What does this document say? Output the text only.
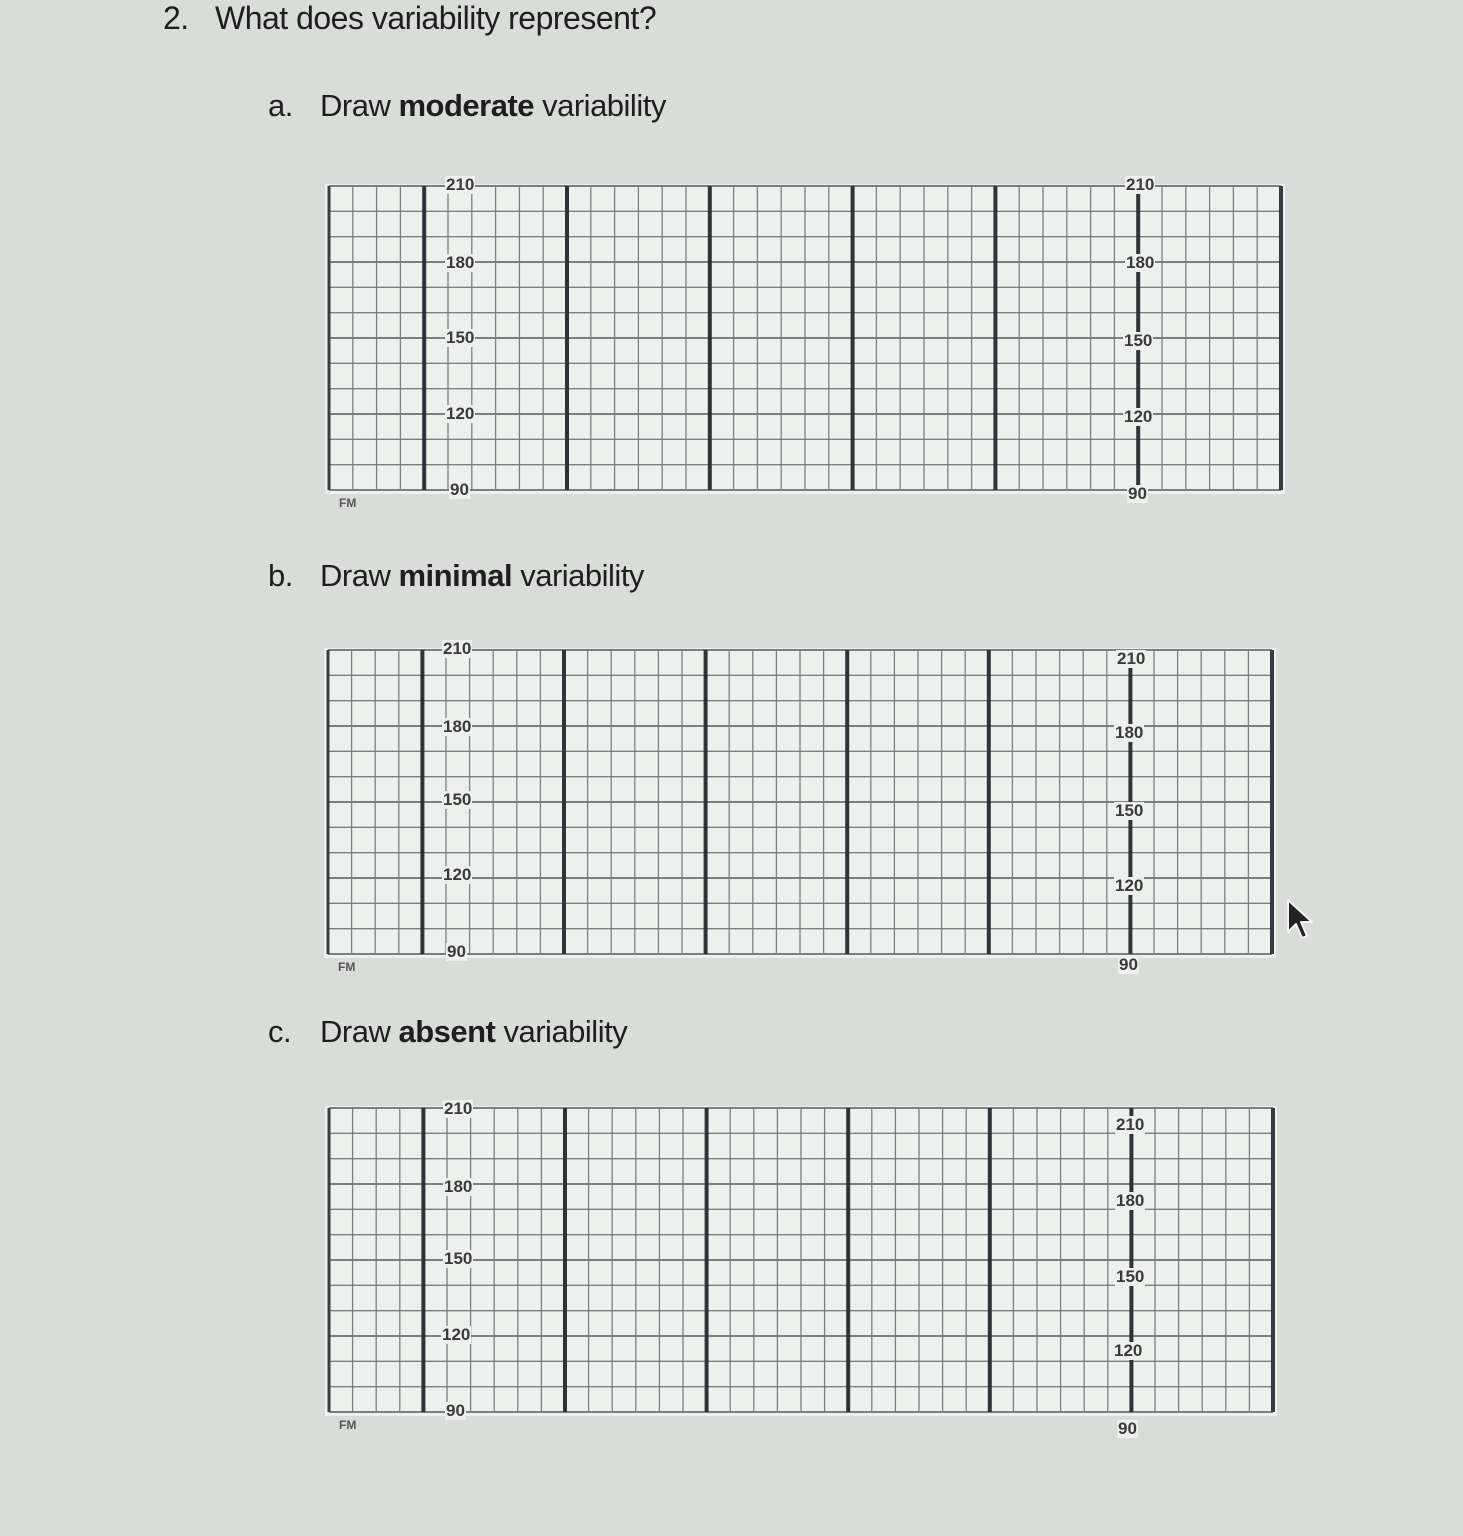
2. What does variability represent?
a. Draw moderate variability
210
180
150
120
90
210
180
150
120
90
FM
b. Draw minimal variability
210
180
150
120
90
210
180
150
120
90
FM
c. Draw absent variability
210
180
150
120
90
210
180
150
120
90
FM
